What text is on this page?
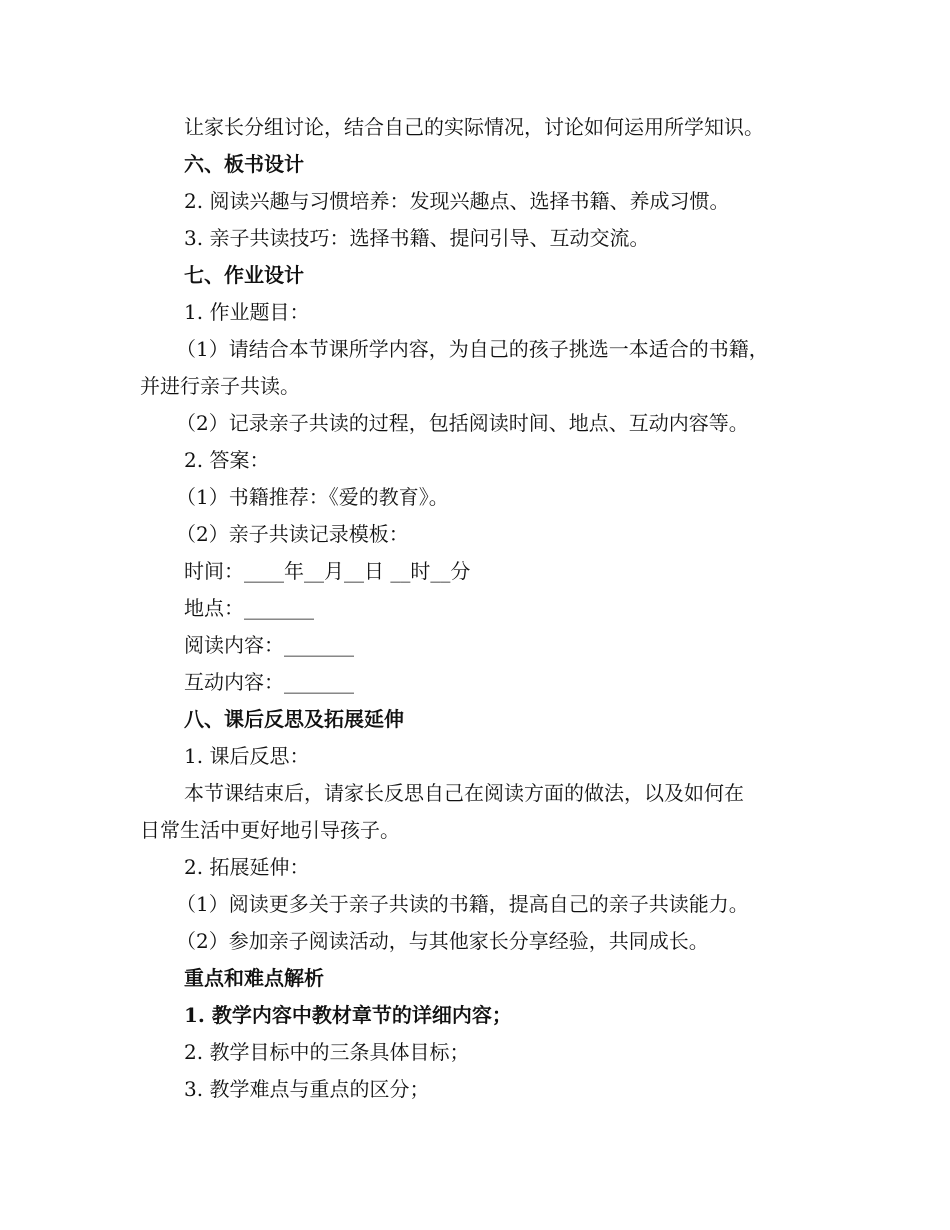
让家长分组讨论，结合自己的实际情况，讨论如何运用所学知识。
六、板书设计
2. 阅读兴趣与习惯培养：发现兴趣点、选择书籍、养成习惯。
3. 亲子共读技巧：选择书籍、提问引导、互动交流。
七、作业设计
1. 作业题目：
（1）请结合本节课所学内容，为自己的孩子挑选一本适合的书籍，
并进行亲子共读。
（2）记录亲子共读的过程，包括阅读时间、地点、互动内容等。
2. 答案：
（1）书籍推荐：《爱的教育》。
（2）亲子共读记录模板：
时间：____年__月__日 __时__分
地点：_______
阅读内容：_______
互动内容：_______
八、课后反思及拓展延伸
1. 课后反思：
本节课结束后，请家长反思自己在阅读方面的做法，以及如何在
日常生活中更好地引导孩子。
2. 拓展延伸：
（1）阅读更多关于亲子共读的书籍，提高自己的亲子共读能力。
（2）参加亲子阅读活动，与其他家长分享经验，共同成长。
重点和难点解析
1. 教学内容中教材章节的详细内容；
2. 教学目标中的三条具体目标；
3. 教学难点与重点的区分；
